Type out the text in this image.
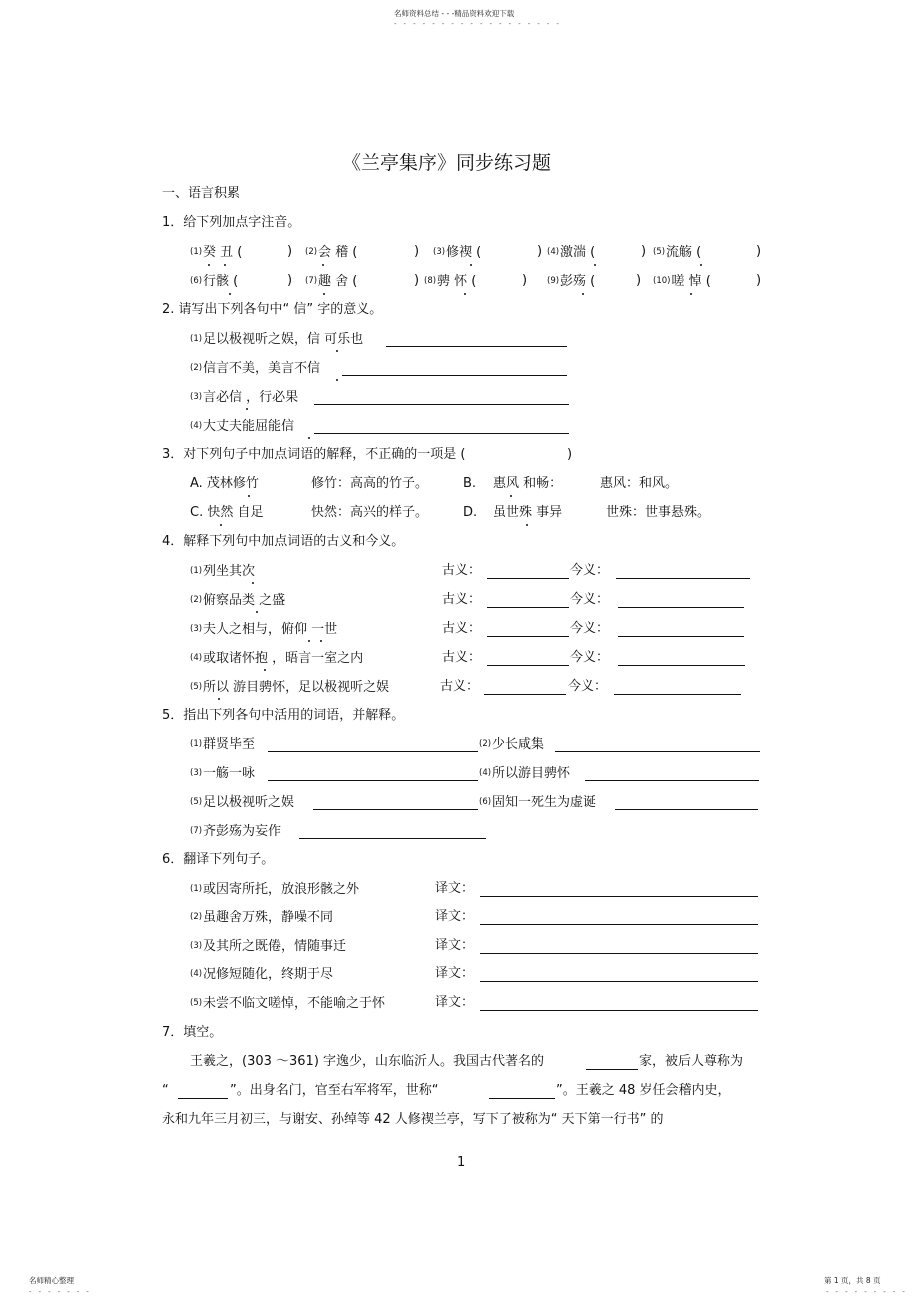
名师资料总结 - - -精品资料欢迎下载
- - - - - - - - - - - - - - - - - -
《兰亭集序》同步练习题
一、语言积累
1．给下列加点字注音。
(1)癸 丑 (	) (2)会 稽 (	) (3)修禊 (	) (4)激湍 (	) (5)流觞 (	)
(6)行骸 (	) (7)趣 舍 (	) (8)骋 怀 (	) (9)彭殇 (	) (10)嗟 悼 (	)
2. 请写出下列各句中“ 信” 字的意义。
(1)足以极视听之娱，信 可乐也
(2)信言不美，美言不信
(3)言必信 ，行必果
(4)大丈夫能屈能信
3．对下列句子中加点词语的解释，不正确的一项是 (	)
A. 茂林修竹	修竹：高高的竹子。	B. 惠风 和畅：	惠风：和风。
C. 快然 自足	快然：高兴的样子。	D. 虽世殊 事异	世殊：世事悬殊。
4．解释下列句中加点词语的古义和今义。
(1)列坐其次	古义：	今义：
(2)俯察品类 之盛	古义：	今义：
(3)夫人之相与，俯仰 一世	古义：	今义：
(4)或取诸怀抱 ，晤言一室之内	古义：	今义：
(5)所以 游目骋怀，足以极视听之娱	古义：	今义：
5．指出下列各句中活用的词语，并解释。
(1)群贤毕至	(2)少长咸集
(3)一觞一咏	(4)所以游目骋怀
(5)足以极视听之娱	(6)固知一死生为虚诞
(7)齐彭殇为妄作
6．翻译下列句子。
(1)或因寄所托，放浪形骸之外	译文：
(2)虽趣舍万殊，静噪不同	译文：
(3)及其所之既倦，情随事迁	译文：
(4)况修短随化，终期于尽	译文：
(5)未尝不临文嗟悼，不能喻之于怀	译文：
7．填空。
王羲之，(303 ～361) 字逸少，山东临沂人。我国古代著名的	家，被后人尊称为
“	”。出身名门，官至右军将军，世称“	”。王羲之 48 岁任会稽内史，
永和九年三月初三，与谢安、孙绰等 42 人修禊兰亭，写下了被称为“ 天下第一行书” 的
1
名师精心整理
- - - - - - -
第 1 页，共 8 页
- - - - - - - - -
